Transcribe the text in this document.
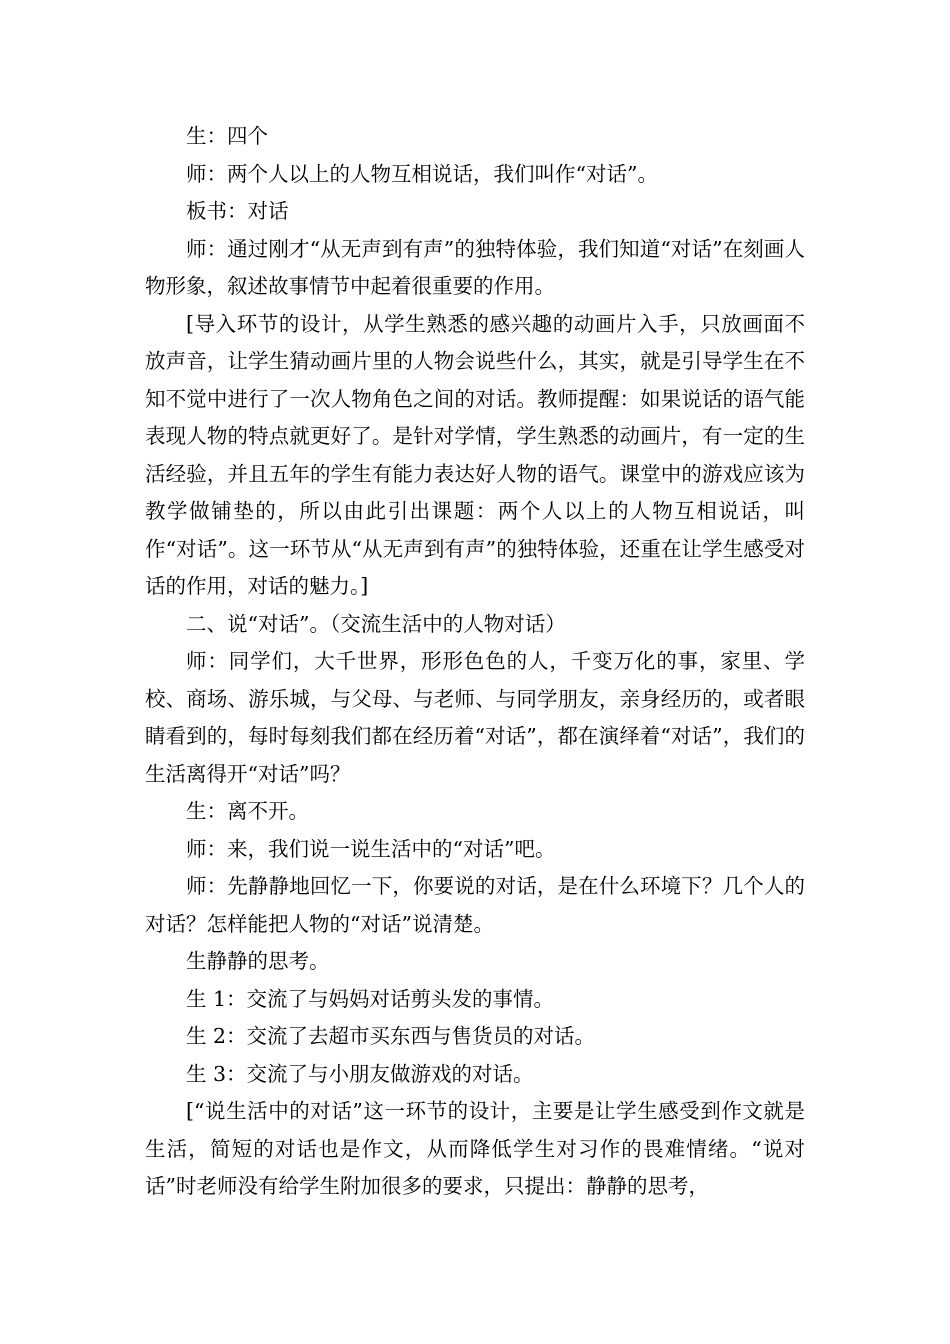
生：四个

师：两个人以上的人物互相说话，我们叫作“对话”。

板书：对话

师：通过刚才“从无声到有声”的独特体验，我们知道“对话”在刻画人物形象，叙述故事情节中起着很重要的作用。

[导入环节的设计，从学生熟悉的感兴趣的动画片入手，只放画面不放声音，让学生猜动画片里的人物会说些什么，其实，就是引导学生在不知不觉中进行了一次人物角色之间的对话。教师提醒：如果说话的语气能表现人物的特点就更好了。是针对学情，学生熟悉的动画片，有一定的生活经验，并且五年的学生有能力表达好人物的语气。课堂中的游戏应该为教学做铺垫的，所以由此引出课题：两个人以上的人物互相说话，叫作“对话”。这一环节从“从无声到有声”的独特体验，还重在让学生感受对话的作用，对话的魅力。]

二、说“对话”。（交流生活中的人物对话）

师：同学们，大千世界，形形色色的人，千变万化的事，家里、学校、商场、游乐城，与父母、与老师、与同学朋友，亲身经历的，或者眼睛看到的，每时每刻我们都在经历着“对话”，都在演绎着“对话”，我们的生活离得开“对话”吗？

生：离不开。

师：来，我们说一说生活中的“对话”吧。

师：先静静地回忆一下，你要说的对话，是在什么环境下？几个人的对话？怎样能把人物的“对话”说清楚。

生静静的思考。

生 1：交流了与妈妈对话剪头发的事情。

生 2：交流了去超市买东西与售货员的对话。

生 3：交流了与小朋友做游戏的对话。

[“说生活中的对话”这一环节的设计，主要是让学生感受到作文就是生活，简短的对话也是作文，从而降低学生对习作的畏难情绪。“说对话”时老师没有给学生附加很多的要求，只提出：静静的思考，
